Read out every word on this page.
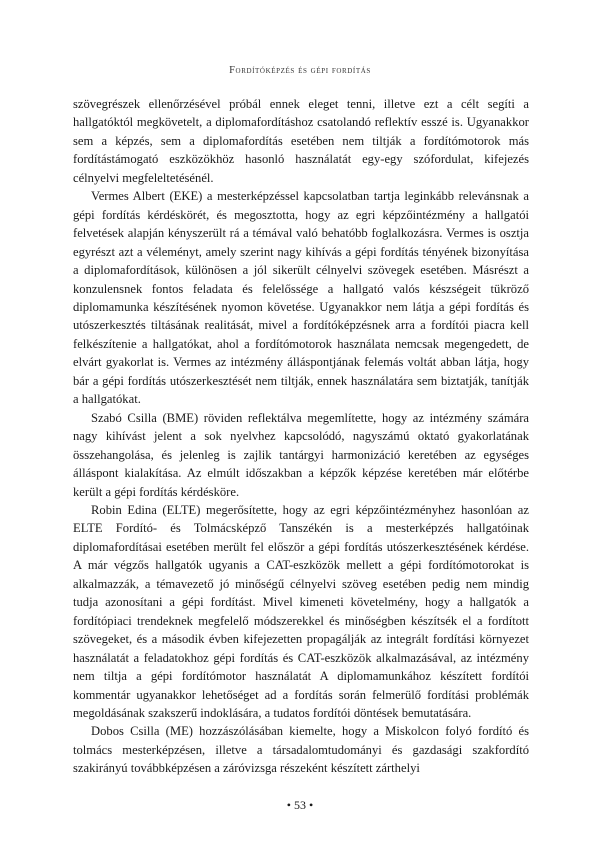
Fordítóképzés és gépi fordítás

szövegrészek ellenőrzésével próbál ennek eleget tenni, illetve ezt a célt segíti a hallgatóktól megkövetelt, a diplomafordításhoz csatolandó reflektív esszé is. Ugyanakkor sem a képzés, sem a diplomafordítás esetében nem tiltják a fordítómotorok más fordítástámogató eszközökhöz hasonló használatát egy-egy szófordulat, kifejezés célnyelvi megfeleltetésénél.

Vermes Albert (EKE) a mesterképzéssel kapcsolatban tartja leginkább relevánsnak a gépi fordítás kérdéskörét, és megosztotta, hogy az egri képzőintézmény a hallgatói felvetések alapján kényszerült rá a témával való behatóbb foglalkozásra. Vermes is osztja egyrészt azt a véleményt, amely szerint nagy kihívás a gépi fordítás tényének bizonyítása a diplomafordítások, különösen a jól sikerült célnyelvi szövegek esetében. Másrészt a konzulensnek fontos feladata és felelőssége a hallgató valós készségeit tükröző diplomamunka készítésének nyomon követése. Ugyanakkor nem látja a gépi fordítás és utószerkesztés tiltásának realitását, mivel a fordítóképzésnek arra a fordítói piacra kell felkészítenie a hallgatókat, ahol a fordítómotorok használata nemcsak megengedett, de elvárt gyakorlat is. Vermes az intézmény álláspontjának felemás voltát abban látja, hogy bár a gépi fordítás utószerkesztését nem tiltják, ennek használatára sem biztatják, tanítják a hallgatókat.

Szabó Csilla (BME) röviden reflektálva megemlítette, hogy az intézmény számára nagy kihívást jelent a sok nyelvhez kapcsolódó, nagyszámú oktató gyakorlatának összehangolása, és jelenleg is zajlik tantárgyi harmonizáció keretében az egységes álláspont kialakítása. Az elmúlt időszakban a képzők képzése keretében már előtérbe került a gépi fordítás kérdésköre.

Robin Edina (ELTE) megerősítette, hogy az egri képzőintézményhez hasonlóan az ELTE Fordító- és Tolmácsképző Tanszékén is a mesterképzés hallgatóinak diplomafordításai esetében merült fel először a gépi fordítás utószerkesztésének kérdése. A már végzős hallgatók ugyanis a CAT-eszközök mellett a gépi fordítómotorokat is alkalmazzák, a témavezető jó minőségű célnyelvi szöveg esetében pedig nem mindig tudja azonosítani a gépi fordítást. Mivel kimeneti követelmény, hogy a hallgatók a fordítópiaci trendeknek megfelelő módszerekkel és minőségben készítsék el a fordított szövegeket, és a második évben kifejezetten propagálják az integrált fordítási környezet használatát a feladatokhoz gépi fordítás és CAT-eszközök alkalmazásával, az intézmény nem tiltja a gépi fordítómotor használatát A diplomamunkához készített fordítói kommentár ugyanakkor lehetőséget ad a fordítás során felmerülő fordítási problémák megoldásának szakszerű indoklására, a tudatos fordítói döntések bemutatására.

Dobos Csilla (ME) hozzászólásában kiemelte, hogy a Miskolcon folyó fordító és tolmács mesterképzésen, illetve a társadalomtudományi és gazdasági szakfordító szakirányú továbbképzésen a záróvizsga részeként készített zárthelyi

• 53 •
